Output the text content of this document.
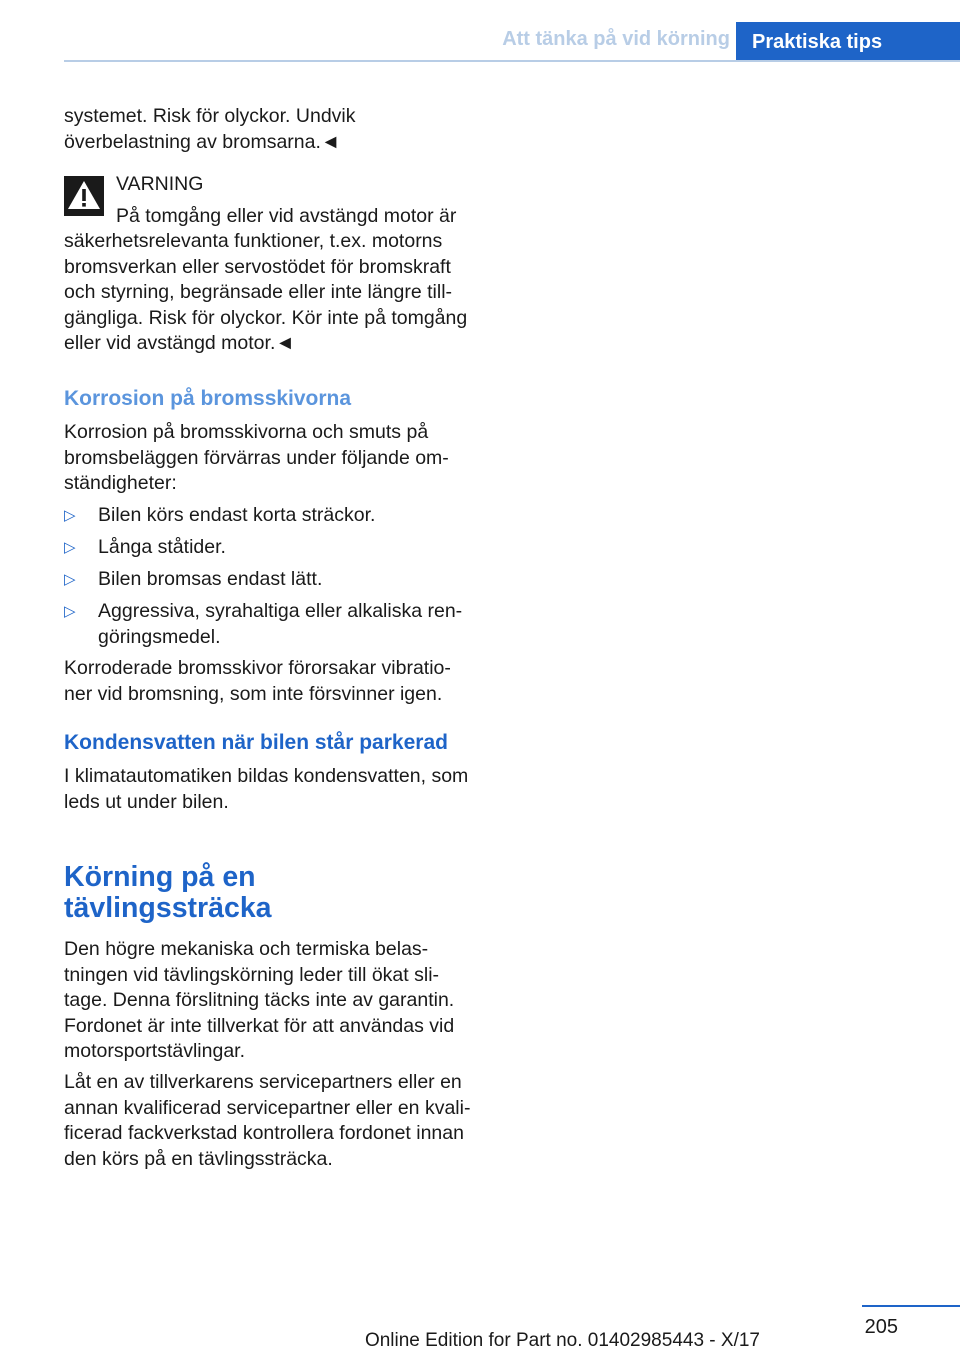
Att tänka på vid körning Praktiska tips
systemet. Risk för olyckor. Undvik
överbelastning av bromsarna.◄
VARNING
På tomgång eller vid avstängd motor är
säkerhetsrelevanta funktioner, t.ex. motorns
bromsverkan eller servostödet för bromskraft
och styrning, begränsade eller inte längre till-
gängliga. Risk för olyckor. Kör inte på tomgång
eller vid avstängd motor.◄
Korrosion på bromsskivorna
Korrosion på bromsskivorna och smuts på
bromsbeläggen förvärras under följande om-
ständigheter:
▷ Bilen körs endast korta sträckor.
▷ Långa ståtider.
▷ Bilen bromsas endast lätt.
▷ Aggressiva, syrahaltiga eller alkaliska ren-
göringsmedel.
Korroderade bromsskivor förorsakar vibratio-
ner vid bromsning, som inte försvinner igen.
Kondensvatten när bilen står parkerad
I klimatautomatiken bildas kondensvatten, som
leds ut under bilen.
Körning på en
tävlingssträcka
Den högre mekaniska och termiska belas-
tningen vid tävlingskörning leder till ökat sli-
tage. Denna förslitning täcks inte av garantin.
Fordonet är inte tillverkat för att användas vid
motorsportstävlingar.
Låt en av tillverkarens servicepartners eller en
annan kvalificerad servicepartner eller en kvali-
ficerad fackverkstad kontrollera fordonet innan
den körs på en tävlingssträcka.
205
Online Edition for Part no. 01402985443 - X/17
